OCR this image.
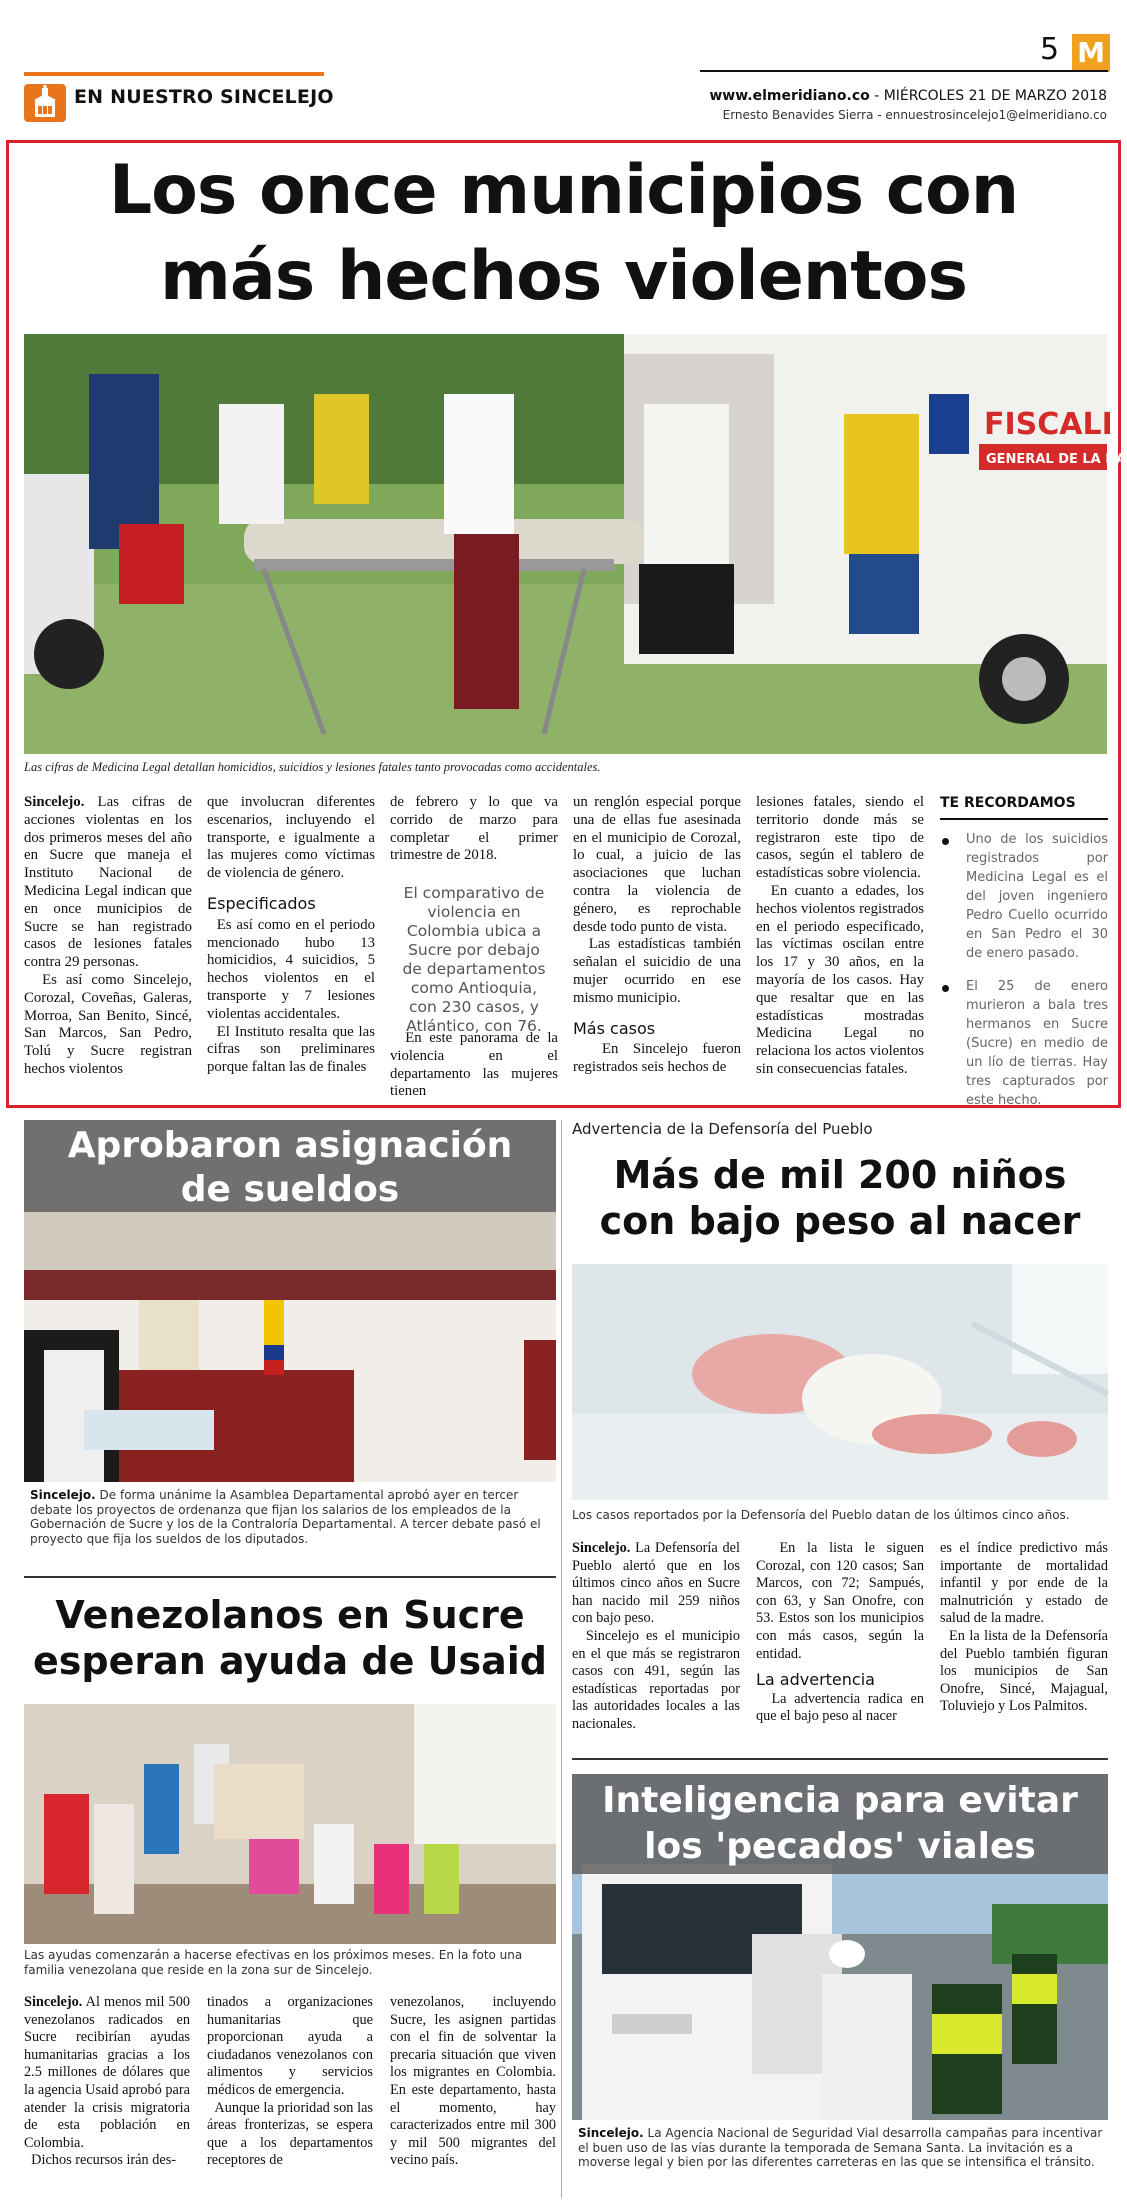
EN NUESTRO SINCELEJO
5 M
www.elmeridiano.co - MIÉRCOLES 21 DE MARZO 2018
Ernesto Benavides Sierra - ennuestrosincelejo1@elmeridiano.co
Los once municipios con
más hechos violentos
FISCALI
GENERAL DE LA NA
Las cifras de Medicina Legal detallan homicidios, suicidios y lesiones fatales tanto provocadas como accidentales.

Sincelejo. Las cifras de acciones violentas en los dos primeros meses del año en Sucre que maneja el Instituto Nacional de Medicina Legal indican que en once municipios de Sucre se han registrado casos de lesiones fatales contra 29 personas.

Es así como Sincelejo, Corozal, Coveñas, Galeras, Morroa, San Benito, Sincé, San Marcos, San Pedro, Tolú y Sucre registran hechos violentos

que involucran diferentes escenarios, incluyendo el transporte, e igualmente a las mujeres como víctimas de violencia de género.

Especificados

Es así como en el periodo mencionado hubo 13 homicidios, 4 suicidios, 5 hechos violentos en el transporte y 7 lesiones violentas accidentales.

El Instituto resalta que las cifras son preliminares porque faltan las de finales

de febrero y lo que va corrido de marzo para completar el primer trimestre de 2018.

El comparativo de violencia en Colombia ubica a Sucre por debajo de departamentos como Antioquia, con 230 casos, y Atlántico, con 76.

En este panorama de la violencia en el departamento las mujeres tienen

un renglón especial porque una de ellas fue asesinada en el municipio de Corozal, lo cual, a juicio de las asociaciones que luchan contra la violencia de género, es reprochable desde todo punto de vista.

Las estadísticas también señalan el suicidio de una mujer ocurrido en ese mismo municipio.

Más casos

En Sincelejo fueron registrados seis hechos de

lesiones fatales, siendo el territorio donde más se registraron este tipo de casos, según el tablero de estadísticas sobre violencia.

En cuanto a edades, los hechos violentos registrados en el periodo especificado, las víctimas oscilan entre los 17 y 30 años, en la mayoría de los casos. Hay que resaltar que en las estadísticas mostradas Medicina Legal no relaciona los actos violentos sin consecuencias fatales.

TE RECORDAMOS
Uno de los suicidios registrados por Medicina Legal es el del joven ingeniero Pedro Cuello ocurrido en San Pedro el 30 de enero pasado.
El 25 de enero murieron a bala tres hermanos en Sucre (Sucre) en medio de un lío de tierras. Hay tres capturados por este hecho.
Aprobaron asignación de sueldos
Sincelejo. De forma unánime la Asamblea Departamental aprobó ayer en tercer debate los proyectos de ordenanza que fijan los salarios de los empleados de la Gobernación de Sucre y los de la Contraloría Departamental. A tercer debate pasó el proyecto que fija los sueldos de los diputados.
Venezolanos en Sucre esperan ayuda de Usaid
Las ayudas comenzarán a hacerse efectivas en los próximos meses. En la foto una familia venezolana que reside en la zona sur de Sincelejo.

Sincelejo. Al menos mil 500 venezolanos radicados en Sucre recibirían ayudas humanitarias gracias a los 2.5 millones de dólares que la agencia Usaid aprobó para atender la crisis migratoria de esta población en Colombia.

Dichos recursos irán des-

tinados a organizaciones humanitarias que proporcionan ayuda a ciudadanos venezolanos con alimentos y servicios médicos de emergencia.

Aunque la prioridad son las áreas fronterizas, se espera que a los departamentos receptores de

venezolanos, incluyendo Sucre, les asignen partidas con el fin de solventar la precaria situación que viven los migrantes en Colombia. En este departamento, hasta el momento, hay caracterizados entre mil 300 y mil 500 migrantes del vecino país.

Advertencia de la Defensoría del Pueblo
Más de mil 200 niños
con bajo peso al nacer
Los casos reportados por la Defensoría del Pueblo datan de los últimos cinco años.

Sincelejo. La Defensoría del Pueblo alertó que en los últimos cinco años en Sucre han nacido mil 259 niños con bajo peso.

Sincelejo es el municipio en el que más se registraron casos con 491, según las estadísticas reportadas por las autoridades locales a las nacionales.

En la lista le siguen Corozal, con 120 casos; San Marcos, con 72; Sampués, con 63, y San Onofre, con 53. Estos son los municipios con más casos, según la entidad.

La advertencia

La advertencia radica en que el bajo peso al nacer

es el índice predictivo más importante de mortalidad infantil y por ende de la malnutrición y estado de salud de la madre.

En la lista de la Defensoría del Pueblo también figuran los municipios de San Onofre, Sincé, Majagual, Toluviejo y Los Palmitos.

Inteligencia para evitar los 'pecados' viales
Sincelejo. La Agencia Nacional de Seguridad Vial desarrolla campañas para incentivar el buen uso de las vías durante la temporada de Semana Santa. La invitación es a moverse legal y bien por las diferentes carreteras en las que se intensifica el tránsito.
